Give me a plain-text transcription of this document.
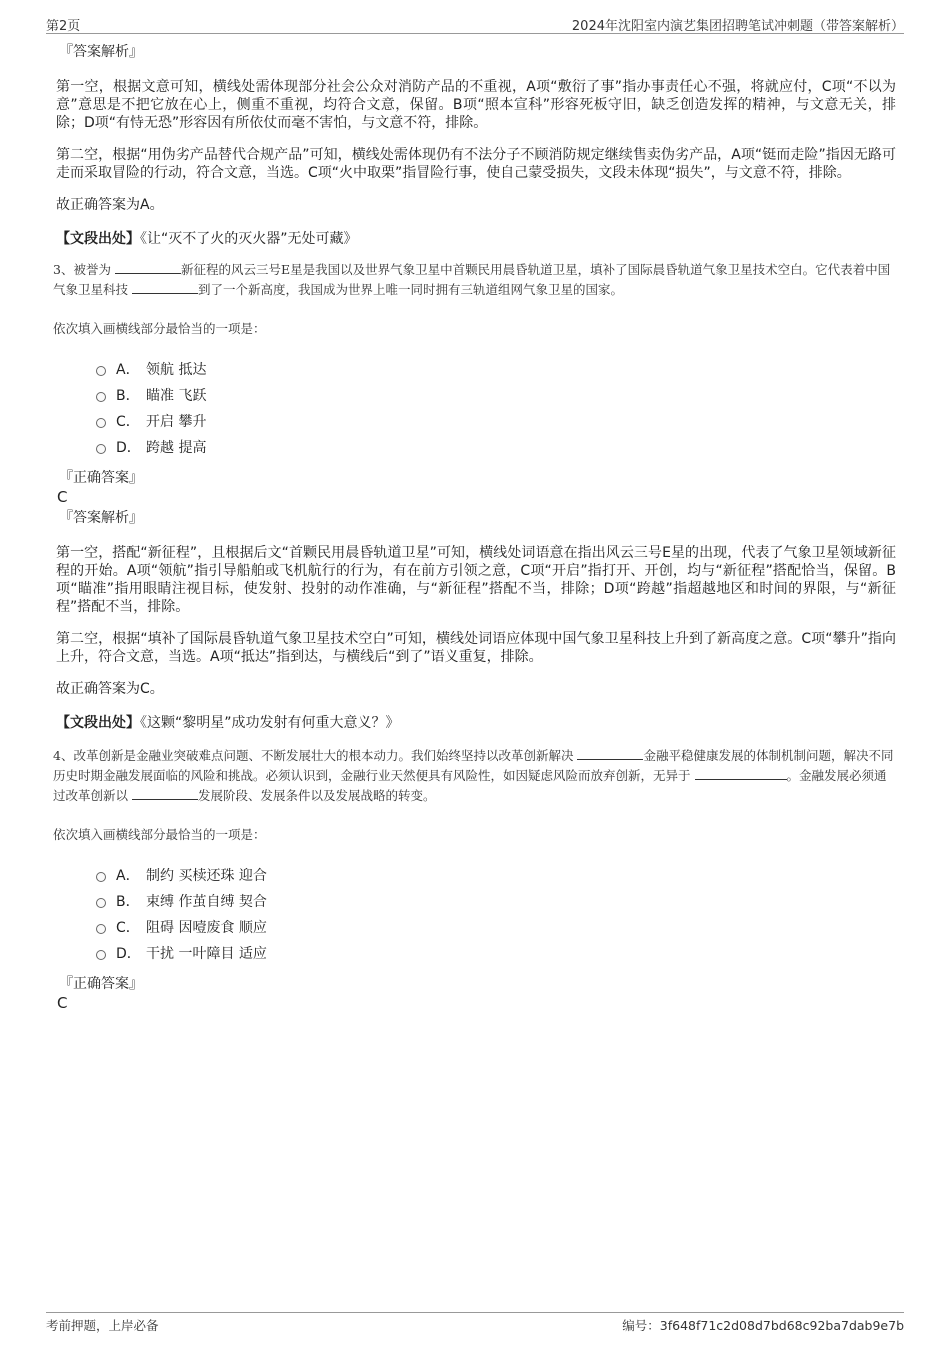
第2页	2024年沈阳室内演艺集团招聘笔试冲刺题（带答案解析）
『答案解析』

第一空，根据文意可知，横线处需体现部分社会公众对消防产品的不重视，A项“敷衍了事”指办事责任心不强，将就应付，C项“不以为意”意思是不把它放在心上，侧重不重视，均符合文意，保留。B项“照本宣科”形容死板守旧，缺乏创造发挥的精神，与文意无关，排除；D项“有恃无恐”形容因有所依仗而毫不害怕，与文意不符，排除。

第二空，根据“用伪劣产品替代合规产品”可知，横线处需体现仍有不法分子不顾消防规定继续售卖伪劣产品，A项“铤而走险”指因无路可走而采取冒险的行动，符合文意，当选。C项“火中取栗”指冒险行事，使自己蒙受损失，文段未体现“损失”，与文意不符，排除。

故正确答案为A。

【文段出处】《让“灭不了火的灭火器”无处可藏》

3、被誉为	新征程的风云三号E星是我国以及世界气象卫星中首颗民用晨昏轨道卫星，填补了国际晨昏轨道气象卫星技术空白。它代表着中国气象卫星科技	到了一个新高度，我国成为世界上唯一同时拥有三轨道组网气象卫星的国家。
依次填入画横线部分最恰当的一项是：
A． 领航 抵达
B． 瞄准 飞跃
C． 开启 攀升
D． 跨越 提高
『正确答案』
C
『答案解析』

第一空，搭配“新征程”，且根据后文“首颗民用晨昏轨道卫星”可知，横线处词语意在指出风云三号E星的出现，代表了气象卫星领域新征程的开始。A项“领航”指引导船舶或飞机航行的行为，有在前方引领之意，C项“开启”指打开、开创，均与“新征程”搭配恰当，保留。B项“瞄准”指用眼睛注视目标，使发射、投射的动作准确，与“新征程”搭配不当，排除；D项“跨越”指超越地区和时间的界限，与“新征程”搭配不当，排除。

第二空，根据“填补了国际晨昏轨道气象卫星技术空白”可知，横线处词语应体现中国气象卫星科技上升到了新高度之意。C项“攀升”指向上升，符合文意，当选。A项“抵达”指到达，与横线后“到了”语义重复，排除。

故正确答案为C。

【文段出处】《这颗“黎明星”成功发射有何重大意义？》

4、改革创新是金融业突破难点问题、不断发展壮大的根本动力。我们始终坚持以改革创新解决	金融平稳健康发展的体制机制问题，解决不同历史时期金融发展面临的风险和挑战。必须认识到，金融行业天然便具有风险性，如因疑虑风险而放弃创新，无异于	。金融发展必须通过改革创新以	发展阶段、发展条件以及发展战略的转变。
依次填入画横线部分最恰当的一项是：
A． 制约 买椟还珠 迎合
B． 束缚 作茧自缚 契合
C． 阻碍 因噎废食 顺应
D． 干扰 一叶障目 适应
『正确答案』
C
考前押题，上岸必备	编号：3f648f71c2d08d7bd68c92ba7dab9e7b
